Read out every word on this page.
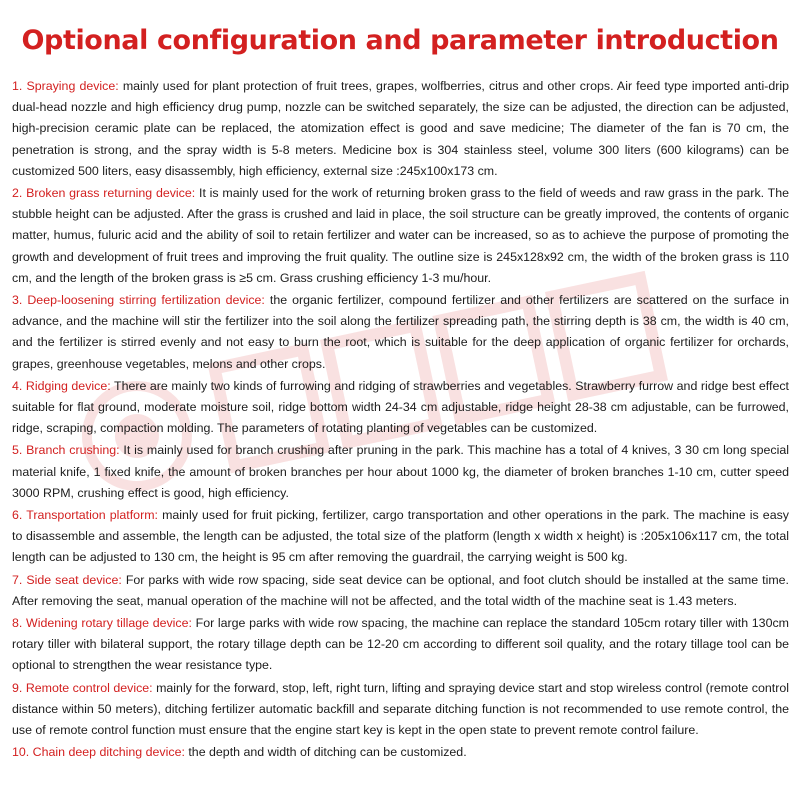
Optional configuration and parameter introduction
1. Spraying device: mainly used for plant protection of fruit trees, grapes, wolfberries, citrus and other crops. Air feed type imported anti-drip dual-head nozzle and high efficiency drug pump, nozzle can be switched separately, the size can be adjusted, the direction can be adjusted, high-precision ceramic plate can be replaced, the atomization effect is good and save medicine; The diameter of the fan is 70 cm, the penetration is strong, and the spray width is 5-8 meters. Medicine box is 304 stainless steel, volume 300 liters (600 kilograms) can be customized 500 liters, easy disassembly, high efficiency, external size :245x100x173 cm.
2. Broken grass returning device: It is mainly used for the work of returning broken grass to the field of weeds and raw grass in the park. The stubble height can be adjusted. After the grass is crushed and laid in place, the soil structure can be greatly improved, the contents of organic matter, humus, fuluric acid and the ability of soil to retain fertilizer and water can be increased, so as to achieve the purpose of promoting the growth and development of fruit trees and improving the fruit quality. The outline size is 245x128x92 cm, the width of the broken grass is 110 cm, and the length of the broken grass is ≥5 cm. Grass crushing efficiency 1-3 mu/hour.
3. Deep-loosening stirring fertilization device: the organic fertilizer, compound fertilizer and other fertilizers are scattered on the surface in advance, and the machine will stir the fertilizer into the soil along the fertilizer spreading path, the stirring depth is 38 cm, the width is 40 cm, and the fertilizer is stirred evenly and not easy to burn the root, which is suitable for the deep application of organic fertilizer for orchards, grapes, greenhouse vegetables, melons and other crops.
4. Ridging device: There are mainly two kinds of furrowing and ridging of strawberries and vegetables. Strawberry furrow and ridge best effect suitable for flat ground, moderate moisture soil, ridge bottom width 24-34 cm adjustable, ridge height 28-38 cm adjustable, can be furrowed, ridge, scraping, compaction molding. The parameters of rotating planting of vegetables can be customized.
5. Branch crushing: It is mainly used for branch crushing after pruning in the park. This machine has a total of 4 knives, 3 30 cm long special material knife, 1 fixed knife, the amount of broken branches per hour about 1000 kg, the diameter of broken branches 1-10 cm, cutter speed 3000 RPM, crushing effect is good, high efficiency.
6. Transportation platform: mainly used for fruit picking, fertilizer, cargo transportation and other operations in the park. The machine is easy to disassemble and assemble, the length can be adjusted, the total size of the platform (length x width x height) is :205x106x117 cm, the total length can be adjusted to 130 cm, the height is 95 cm after removing the guardrail, the carrying weight is 500 kg.
7. Side seat device: For parks with wide row spacing, side seat device can be optional, and foot clutch should be installed at the same time. After removing the seat, manual operation of the machine will not be affected, and the total width of the machine seat is 1.43 meters.
8. Widening rotary tillage device: For large parks with wide row spacing, the machine can replace the standard 105cm rotary tiller with 130cm rotary tiller with bilateral support, the rotary tillage depth can be 12-20 cm according to different soil quality, and the rotary tillage tool can be optional to strengthen the wear resistance type.
9. Remote control device: mainly for the forward, stop, left, right turn, lifting and spraying device start and stop wireless control (remote control distance within 50 meters), ditching fertilizer automatic backfill and separate ditching function is not recommended to use remote control, the use of remote control function must ensure that the engine start key is kept in the open state to prevent remote control failure.
10. Chain deep ditching device: the depth and width of ditching can be customized.
